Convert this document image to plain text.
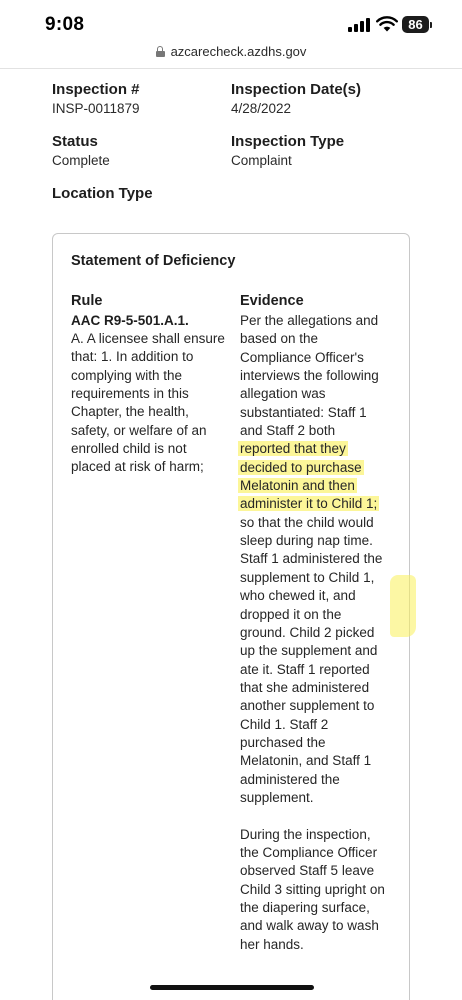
9:08	86
azcarecheck.azdhs.gov
Inspection #
INSP-0011879
Inspection Date(s)
4/28/2022
Status
Complete
Inspection Type
Complaint
Location Type
Statement of Deficiency
Rule	Evidence
AAC R9-5-501.A.1.
A. A licensee shall ensure
that: 1. In addition to
complying with the
requirements in this
Chapter, the health,
safety, or welfare of an
enrolled child is not
placed at risk of harm;
Per the allegations and
based on the
Compliance Officer's
interviews the following
allegation was
substantiated: Staff 1
and Staff 2 both
reported that they
decided to purchase
Melatonin and then
administer it to Child 1;
so that the child would
sleep during nap time.
Staff 1 administered the
supplement to Child 1,
who chewed it, and
dropped it on the
ground. Child 2 picked
up the supplement and
ate it. Staff 1 reported
that she administered
another supplement to
Child 1. Staff 2
purchased the
Melatonin, and Staff 1
administered the
supplement.
During the inspection,
the Compliance Officer
observed Staff 5 leave
Child 3 sitting upright on
the diapering surface,
and walk away to wash
her hands.
